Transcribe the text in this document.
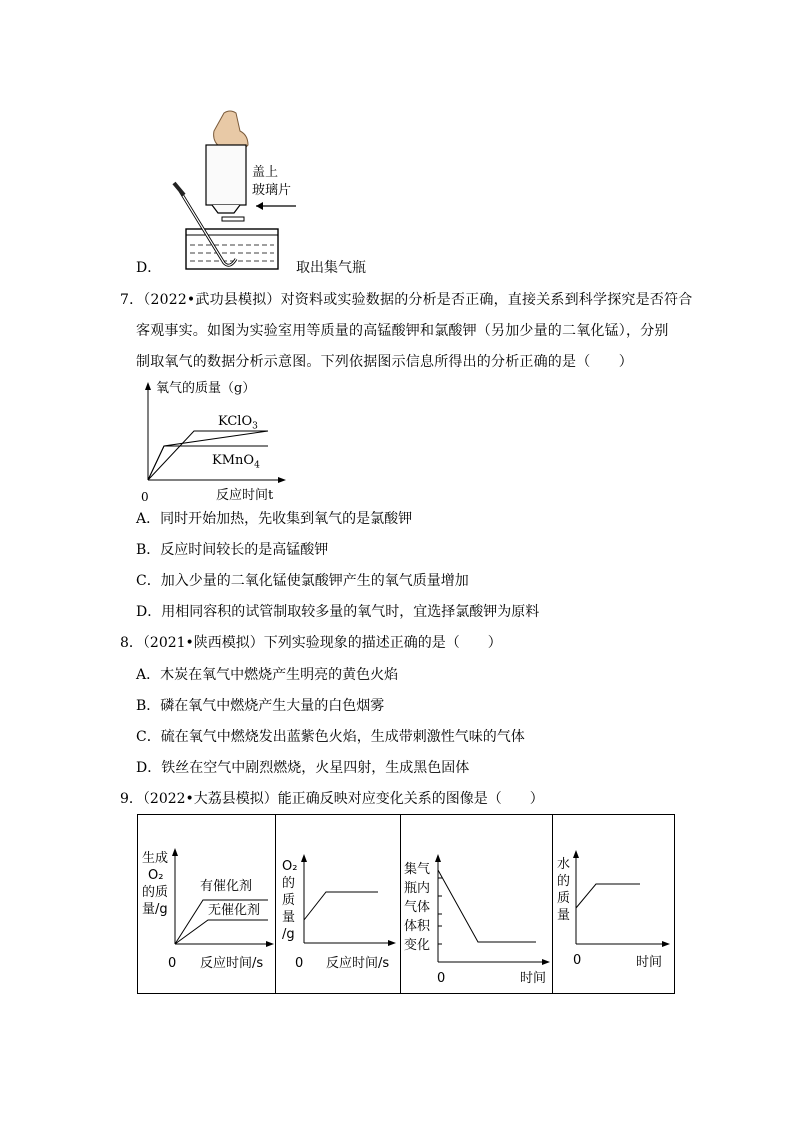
盖上
玻璃片
D．	取出集气瓶
7．（2022•武功县模拟）对资料或实验数据的分析是否正确，直接关系到科学探究是否符合
客观事实。如图为实验室用等质量的高锰酸钾和氯酸钾（另加少量的二氧化锰），分别
制取氧气的数据分析示意图。下列依据图示信息所得出的分析正确的是（　　）
氧气的质量（g）
KClO$_3$
KMnO$_4$
0	反应时间t
A．同时开始加热，先收集到氧气的是氯酸钾
B．反应时间较长的是高锰酸钾
C．加入少量的二氧化锰使氯酸钾产生的氧气质量增加
D．用相同容积的试管制取较多量的氧气时，宜选择氯酸钾为原料
8．（2021•陕西模拟）下列实验现象的描述正确的是（　　）
A．木炭在氧气中燃烧产生明亮的黄色火焰
B．磷在氧气中燃烧产生大量的白色烟雾
C．硫在氧气中燃烧发出蓝紫色火焰，生成带刺激性气味的气体
D．铁丝在空气中剧烈燃烧，火星四射，生成黑色固体
9．（2022•大荔县模拟）能正确反映对应变化关系的图像是（　　）
生成
O₂
的质
量/g
有催化剂
无催化剂
0 反应时间/s
O₂
的
质
量
/g
0 反应时间/s
集气
瓶内
气体
体积
变化
0	时间
水
的
质
量
0	时间
